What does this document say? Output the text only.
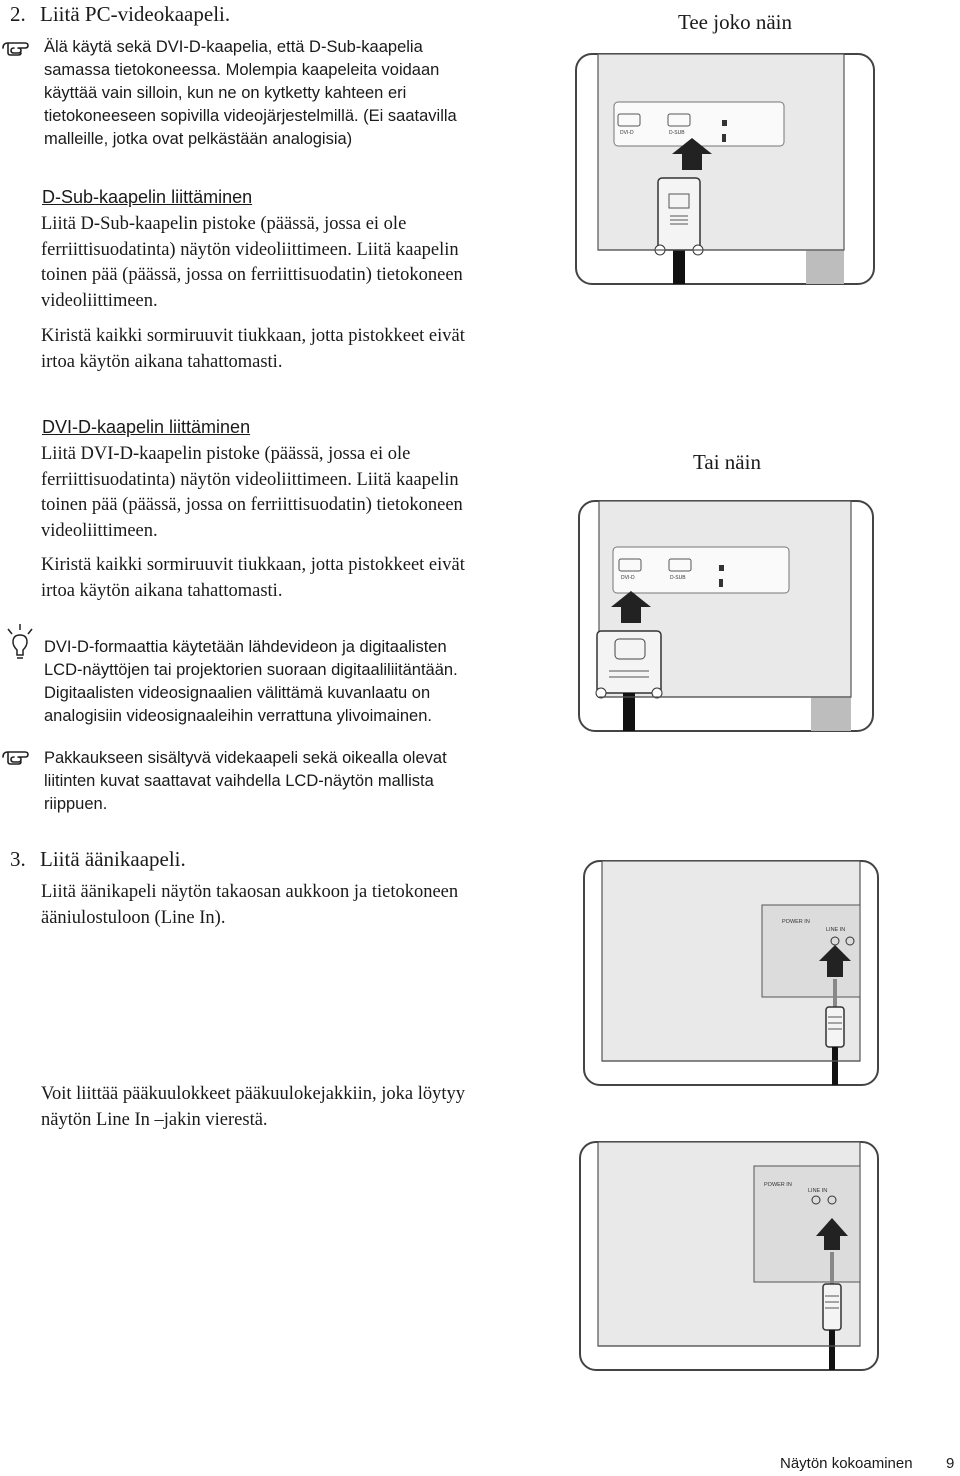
2. Liitä PC-videokaapeli.
Älä käytä sekä DVI-D-kaapelia, että D-Sub-kaapelia
samassa tietokoneessa. Molempia kaapeleita voidaan
käyttää vain silloin, kun ne on kytketty kahteen eri
tietokoneeseen sopivilla videojärjestelmillä. (Ei saatavilla
malleille, jotka ovat pelkästään analogisia)
D-Sub-kaapelin liittäminen
Liitä D-Sub-kaapelin pistoke (päässä, jossa ei ole
ferriittisuodatinta) näytön videoliittimeen. Liitä kaapelin
toinen pää (päässä, jossa on ferriittisuodatin) tietokoneen
videoliittimeen.
Kiristä kaikki sormiruuvit tiukkaan, jotta pistokkeet eivät
irtoa käytön aikana tahattomasti.
DVI-D-kaapelin liittäminen
Liitä DVI-D-kaapelin pistoke (päässä, jossa ei ole
ferriittisuodatinta) näytön videoliittimeen. Liitä kaapelin
toinen pää (päässä, jossa on ferriittisuodatin) tietokoneen
videoliittimeen.
Kiristä kaikki sormiruuvit tiukkaan, jotta pistokkeet eivät
irtoa käytön aikana tahattomasti.
DVI-D-formaattia käytetään lähdevideon ja digitaalisten
LCD-näyttöjen tai projektorien suoraan digitaaliliitäntään.
Digitaalisten videosignaalien välittämä kuvanlaatu on
analogisiin videosignaaleihin verrattuna ylivoimainen.
Pakkaukseen sisältyvä videkaapeli sekä oikealla olevat
liitinten kuvat saattavat vaihdella LCD-näytön mallista
riippuen.
Tee joko näin
Tai näin
DVI-D	D-SUB
DVI-D	D-SUB
3. Liitä äänikaapeli.
Liitä äänikapeli näytön takaosan aukkoon ja tietokoneen
ääniulostuloon (Line In).
Voit liittää pääkuulokkeet pääkuulokejakkiin, joka löytyy
näytön Line In –jakin vierestä.
POWER IN
LINE IN
POWER IN
LINE IN
Näytön kokoaminen 9
